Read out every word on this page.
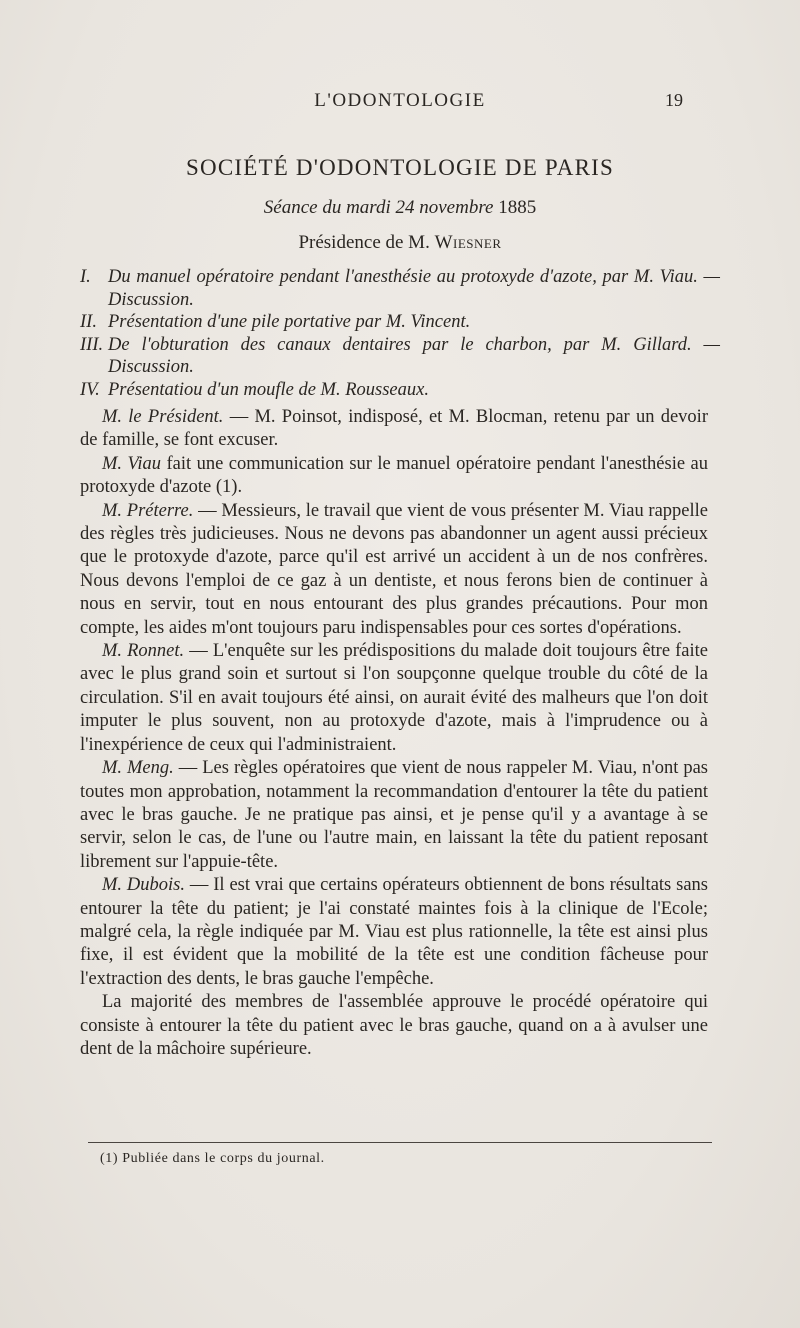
L'ODONTOLOGIE	19
SOCIÉTÉ D'ODONTOLOGIE DE PARIS
Séance du mardi 24 novembre 1885
Présidence de M. Wiesner
I. Du manuel opératoire pendant l'anesthésie au protoxyde d'azote, par M. Viau. — Discussion.
II. Présentation d'une pile portative par M. Vincent.
III. De l'obturation des canaux dentaires par le charbon, par M. Gillard. — Discussion.
IV. Présentatiou d'un moufle de M. Rousseaux.

M. le Président. — M. Poinsot, indisposé, et M. Blocman, retenu par un devoir de famille, se font excuser.

M. Viau fait une communication sur le manuel opératoire pendant l'anesthésie au protoxyde d'azote (1).

M. Préterre. — Messieurs, le travail que vient de vous présenter M. Viau rappelle des règles très judicieuses. Nous ne devons pas abandonner un agent aussi précieux que le protoxyde d'azote, parce qu'il est arrivé un accident à un de nos confrères. Nous devons l'emploi de ce gaz à un dentiste, et nous ferons bien de continuer à nous en servir, tout en nous entourant des plus grandes précautions. Pour mon compte, les aides m'ont toujours paru indispensables pour ces sortes d'opérations.

M. Ronnet. — L'enquête sur les prédispositions du malade doit toujours être faite avec le plus grand soin et surtout si l'on soupçonne quelque trouble du côté de la circulation. S'il en avait toujours été ainsi, on aurait évité des malheurs que l'on doit imputer le plus souvent, non au protoxyde d'azote, mais à l'imprudence ou à l'inexpérience de ceux qui l'administraient.

M. Meng. — Les règles opératoires que vient de nous rappeler M. Viau, n'ont pas toutes mon approbation, notamment la recommandation d'entourer la tête du patient avec le bras gauche. Je ne pratique pas ainsi, et je pense qu'il y a avantage à se servir, selon le cas, de l'une ou l'autre main, en laissant la tête du patient reposant librement sur l'appuie-tête.

M. Dubois. — Il est vrai que certains opérateurs obtiennent de bons résultats sans entourer la tête du patient; je l'ai constaté maintes fois à la clinique de l'Ecole; malgré cela, la règle indiquée par M. Viau est plus rationnelle, la tête est ainsi plus fixe, il est évident que la mobilité de la tête est une condition fâcheuse pour l'extraction des dents, le bras gauche l'empêche.

La majorité des membres de l'assemblée approuve le procédé opératoire qui consiste à entourer la tête du patient avec le bras gauche, quand on a à avulser une dent de la mâchoire supérieure.

(1) Publiée dans le corps du journal.
